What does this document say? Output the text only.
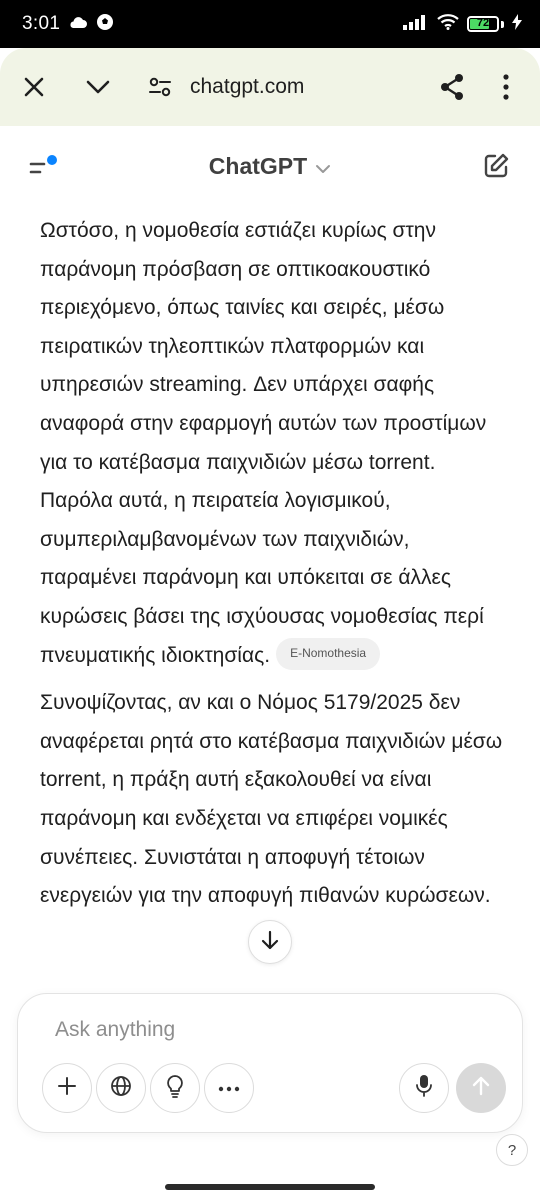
3:01	72
chatgpt.com
ChatGPT

Ωστόσο, η νομοθεσία εστιάζει κυρίως στην παράνομη πρόσβαση σε οπτικοακουστικό περιεχόμενο, όπως ταινίες και σειρές, μέσω πειρατικών τηλεοπτικών πλατφορμών και υπηρεσιών streaming. Δεν υπάρχει σαφής αναφορά στην εφαρμογή αυτών των προστίμων για το κατέβασμα παιχνιδιών μέσω torrent. Παρόλα αυτά, η πειρατεία λογισμικού, συμπεριλαμβανομένων των παιχνιδιών, παραμένει παράνομη και υπόκειται σε άλλες κυρώσεις βάσει της ισχύουσας νομοθεσίας περί πνευματικής ιδιοκτησίας. E-Nomothesia

Συνοψίζοντας, αν και ο Νόμος 5179/2025 δεν αναφέρεται ρητά στο κατέβασμα παιχνιδιών μέσω torrent, η πράξη αυτή εξακολουθεί να είναι παράνομη και ενδέχεται να επιφέρει νομικές συνέπειες. Συνιστάται η αποφυγή τέτοιων ενεργειών για την αποφυγή πιθανών κυρώσεων.

Ask anything
?
